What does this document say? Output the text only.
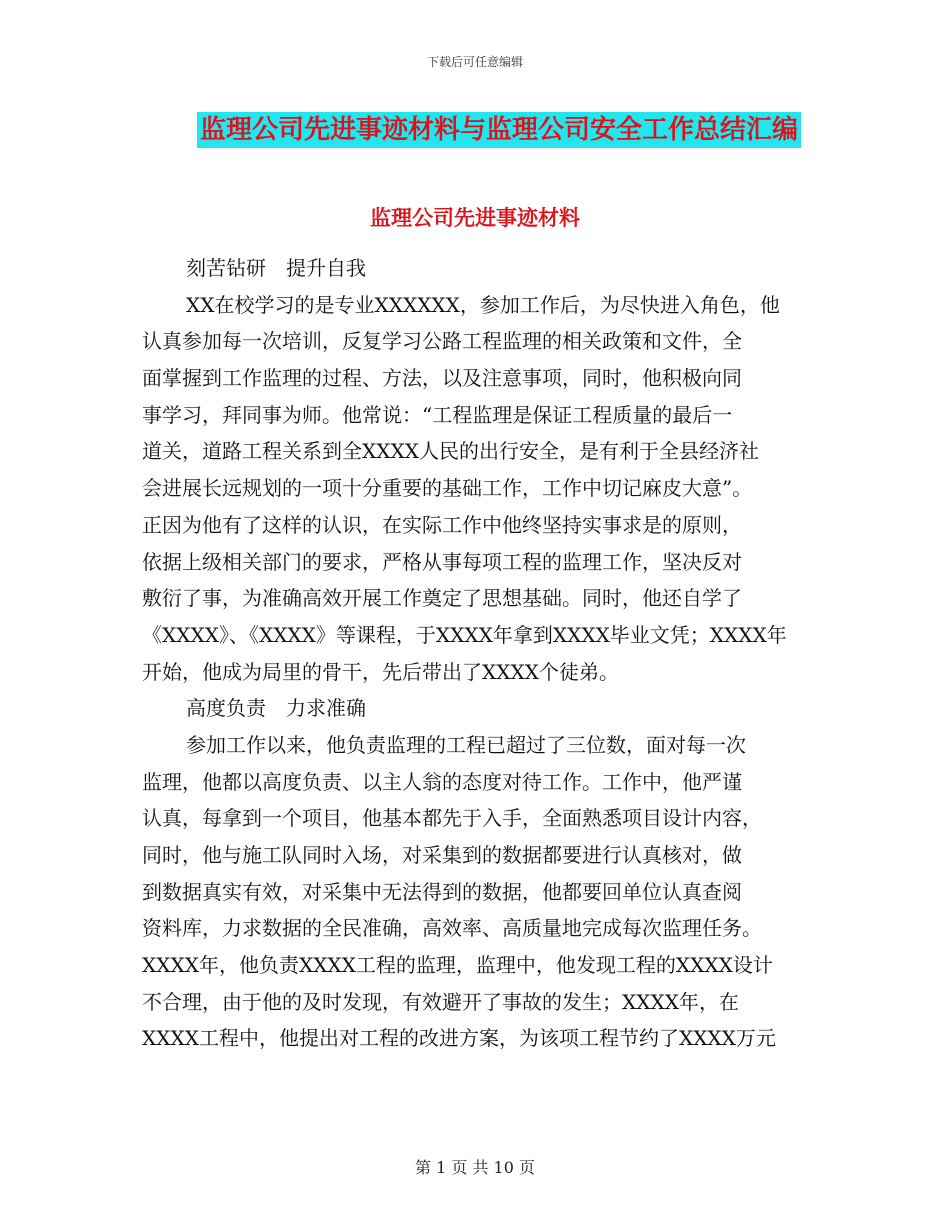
下载后可任意编辑
监理公司先进事迹材料与监理公司安全工作总结汇编
监理公司先进事迹材料
刻苦钻研　提升自我
XX在校学习的是专业XXXXXX，参加工作后，为尽快进入角色，他
认真参加每一次培训，反复学习公路工程监理的相关政策和文件，全
面掌握到工作监理的过程、方法，以及注意事项，同时，他积极向同
事学习，拜同事为师。他常说：“工程监理是保证工程质量的最后一
道关，道路工程关系到全XXXX人民的出行安全，是有利于全县经济社
会进展长远规划的一项十分重要的基础工作，工作中切记麻皮大意”。
正因为他有了这样的认识，在实际工作中他终坚持实事求是的原则，
依据上级相关部门的要求，严格从事每项工程的监理工作，坚决反对
敷衍了事，为准确高效开展工作奠定了思想基础。同时，他还自学了
《XXXX》、《XXXX》等课程，于XXXX年拿到XXXX毕业文凭；XXXX年
开始，他成为局里的骨干，先后带出了XXXX个徒弟。
高度负责　力求准确
参加工作以来，他负责监理的工程已超过了三位数，面对每一次
监理，他都以高度负责、以主人翁的态度对待工作。工作中，他严谨
认真，每拿到一个项目，他基本都先于入手，全面熟悉项目设计内容，
同时，他与施工队同时入场，对采集到的数据都要进行认真核对，做
到数据真实有效，对采集中无法得到的数据，他都要回单位认真查阅
资料库，力求数据的全民准确，高效率、高质量地完成每次监理任务。
XXXX年，他负责XXXX工程的监理，监理中，他发现工程的XXXX设计
不合理，由于他的及时发现，有效避开了事故的发生；XXXX年，在
XXXX工程中，他提出对工程的改进方案，为该项工程节约了XXXX万元
第 1 页 共 10 页
